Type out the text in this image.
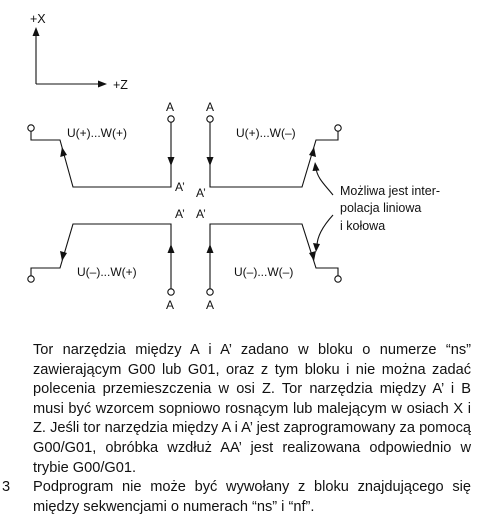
+X
+Z
A	A
A	A
A’ A’
A’ A’
U(+)...W(+)	U(+)...W(–)
U(–)...W(+)	U(–)...W(–)
Możliwa jest inter-
polacja liniowa
i kołowa
Tor narzędzia między A i A’ zadano w bloku o numerze “ns” zawierającym G00 lub G01, oraz z tym bloku i nie można zadać polecenia przemieszczenia w osi Z. Tor narzędzia między A’ i B musi być wzorcem sopniowo rosnącym lub malejącym w osiach X i Z. Jeśli tor narzędzia między A i A’ jest zaprogramowany za pomocą G00/G01, obróbka wzdłuż AA’ jest realizowana odpowiednio w trybie G00/G01.
3	Podprogram nie może być wywołany z bloku znajdującego się między sekwencjami o numerach “ns” i “nf”.
